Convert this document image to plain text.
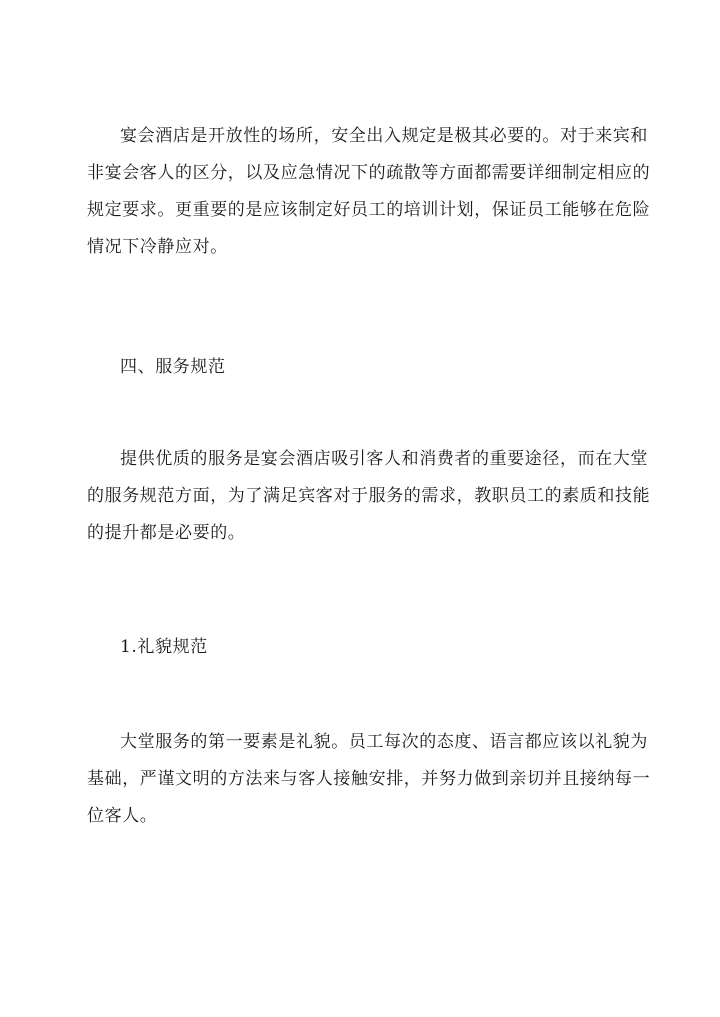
宴会酒店是开放性的场所，安全出入规定是极其必要的。对于来宾和
非宴会客人的区分，以及应急情况下的疏散等方面都需要详细制定相应的
规定要求。更重要的是应该制定好员工的培训计划，保证员工能够在危险
情况下冷静应对。
四、服务规范
提供优质的服务是宴会酒店吸引客人和消费者的重要途径，而在大堂
的服务规范方面，为了满足宾客对于服务的需求，教职员工的素质和技能
的提升都是必要的。
1.礼貌规范
大堂服务的第一要素是礼貌。员工每次的态度、语言都应该以礼貌为
基础，严谨文明的方法来与客人接触安排，并努力做到亲切并且接纳每一
位客人。
